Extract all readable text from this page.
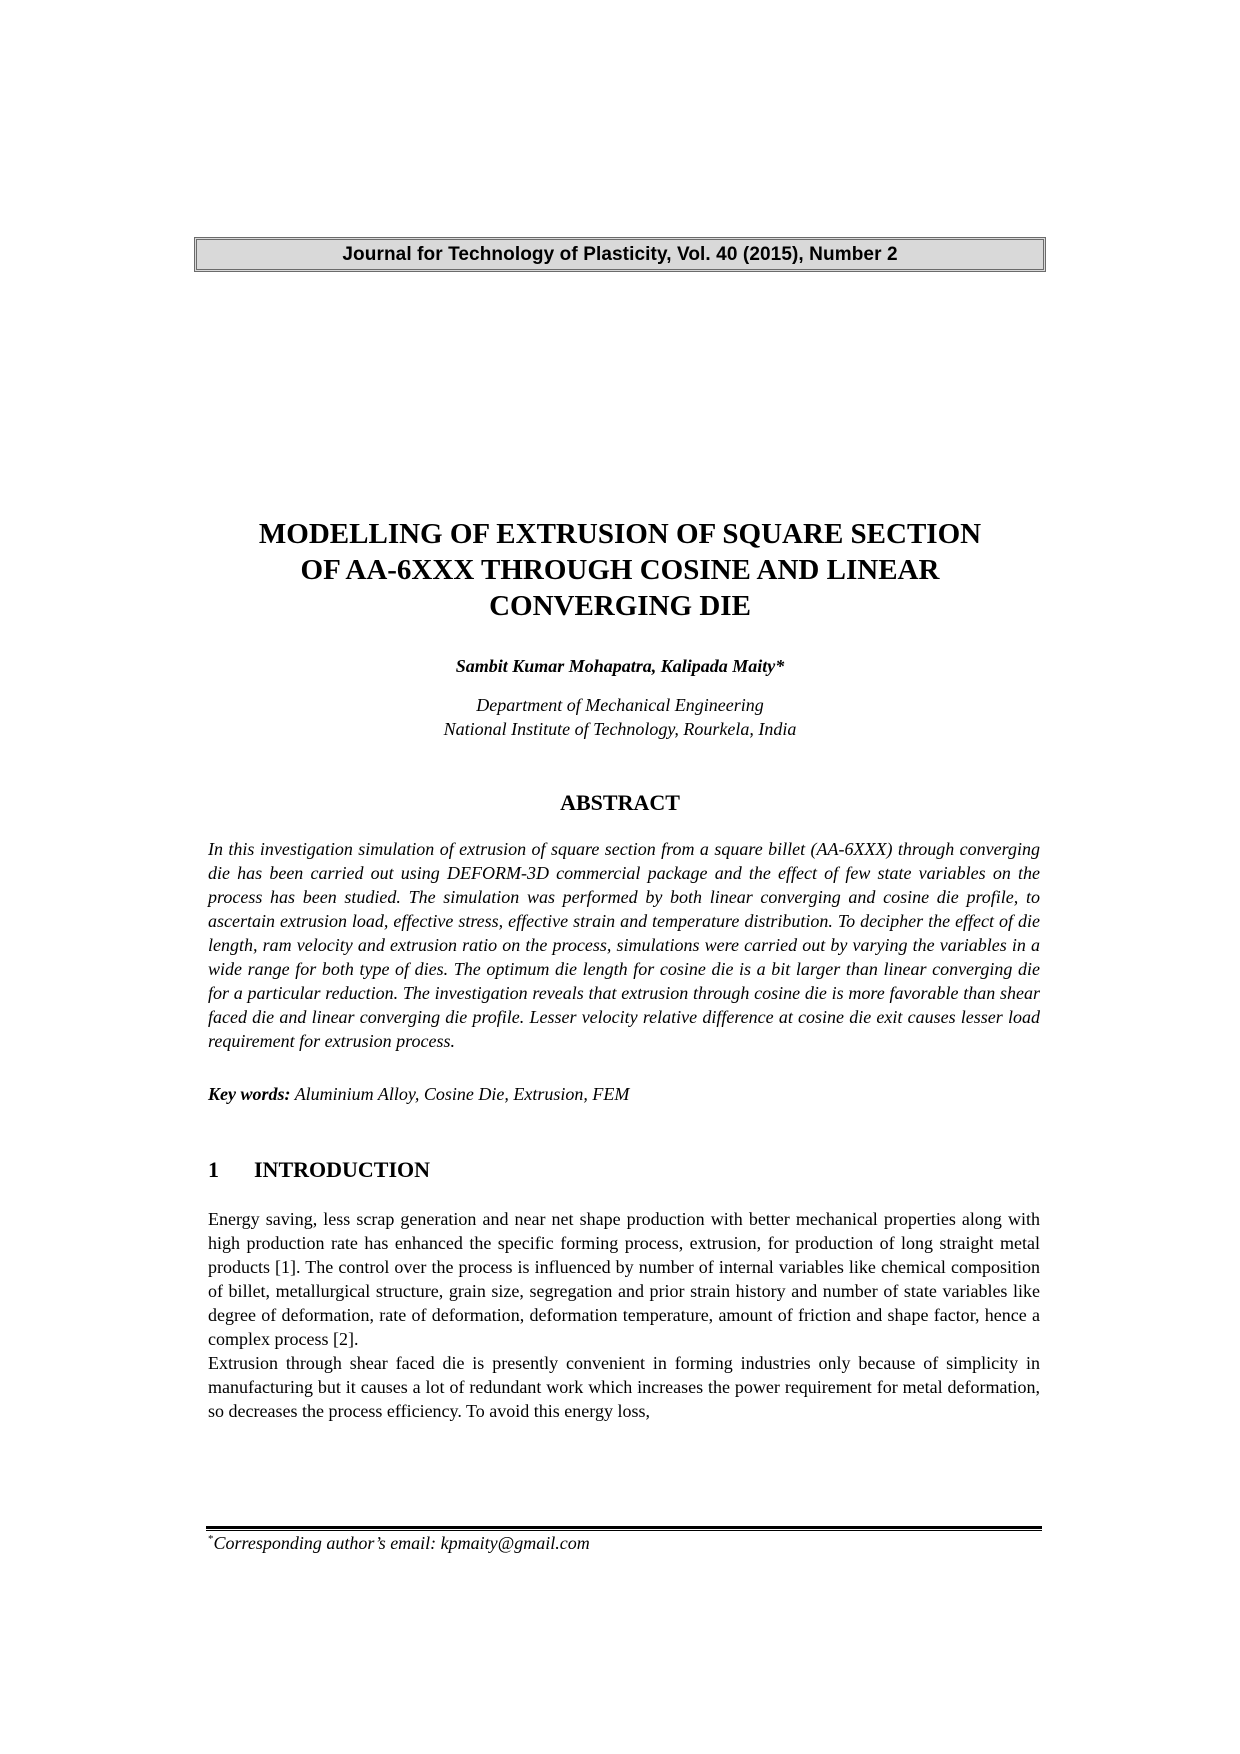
Journal for Technology of Plasticity, Vol. 40 (2015), Number 2
MODELLING OF EXTRUSION OF SQUARE SECTION
OF AA-6XXX THROUGH COSINE AND LINEAR
CONVERGING DIE
Sambit Kumar Mohapatra, Kalipada Maity*
Department of Mechanical Engineering
National Institute of Technology, Rourkela, India
ABSTRACT

In this investigation simulation of extrusion of square section from a square billet (AA-6XXX) through converging die has been carried out using DEFORM-3D commercial package and the effect of few state variables on the process has been studied. The simulation was performed by both linear converging and cosine die profile, to ascertain extrusion load, effective stress, effective strain and temperature distribution. To decipher the effect of die length, ram velocity and extrusion ratio on the process, simulations were carried out by varying the variables in a wide range for both type of dies. The optimum die length for cosine die is a bit larger than linear converging die for a particular reduction. The investigation reveals that extrusion through cosine die is more favorable than shear faced die and linear converging die profile. Lesser velocity relative difference at cosine die exit causes lesser load requirement for extrusion process.

Key words: Aluminium Alloy, Cosine Die, Extrusion, FEM
1 INTRODUCTION

Energy saving, less scrap generation and near net shape production with better mechanical properties along with high production rate has enhanced the specific forming process, extrusion, for production of long straight metal products [1]. The control over the process is influenced by number of internal variables like chemical composition of billet, metallurgical structure, grain size, segregation and prior strain history and number of state variables like degree of deformation, rate of deformation, deformation temperature, amount of friction and shape factor, hence a complex process [2].

Extrusion through shear faced die is presently convenient in forming industries only because of simplicity in manufacturing but it causes a lot of redundant work which increases the power requirement for metal deformation, so decreases the process efficiency. To avoid this energy loss,

*Corresponding author’s email: kpmaity@gmail.com
